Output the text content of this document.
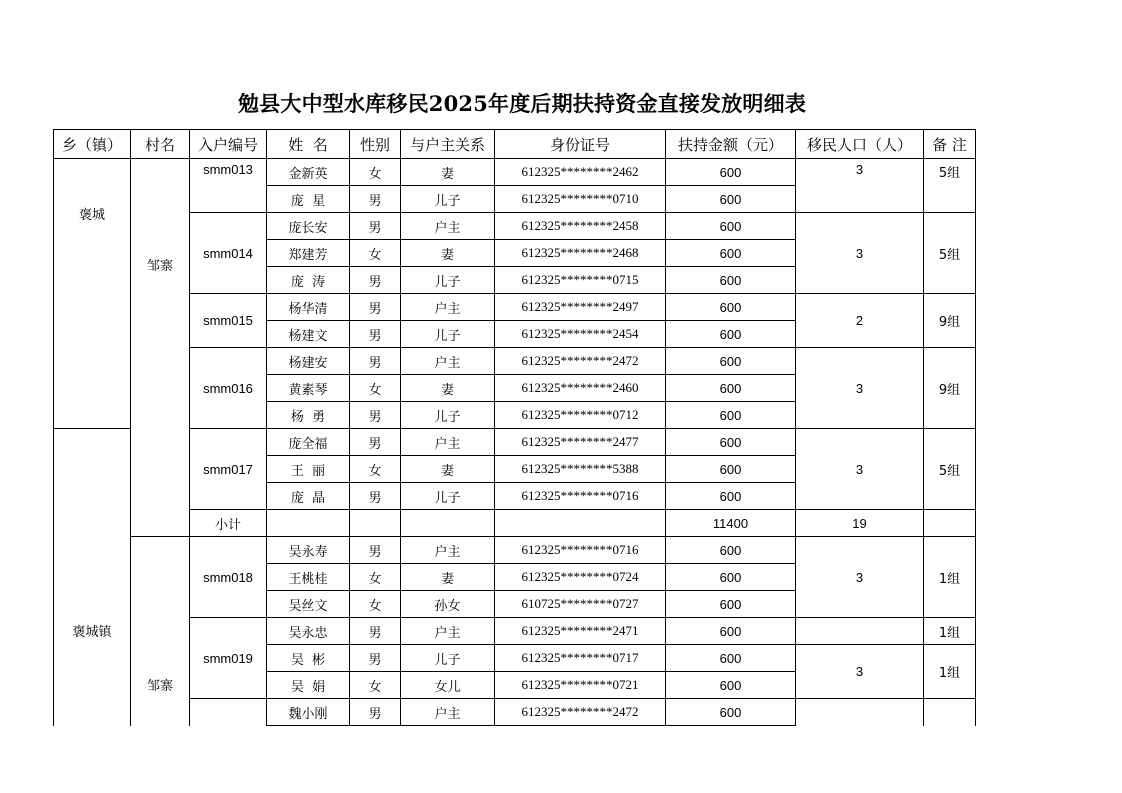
勉县大中型水库移民2025年度后期扶持资金直接发放明细表
乡（镇）	村名	入户编号	姓  名	性别	与户主关系	身份证号	扶持金额（元）	移民人口（人）	备 注
褒城	邹寨	smm013	金新英	女	妻	612325********2462	600	3	5组
			庞  星	男	儿子	612325********0710	600		
		smm014	庞长安	男	户主	612325********2458	600	3	5组
			郑建芳	女	妻	612325********2468	600		
			庞  涛	男	儿子	612325********0715	600		
		smm015	杨华清	男	户主	612325********2497	600	2	9组
			杨建文	男	儿子	612325********2454	600		
		smm016	杨建安	男	户主	612325********2472	600	3	9组
			黄素琴	女	妻	612325********2460	600		
			杨  勇	男	儿子	612325********0712	600		
褒城镇		smm017	庞全福	男	户主	612325********2477	600	3	5组
			王  丽	女	妻	612325********5388	600		
			庞  晶	男	儿子	612325********0716	600		
		小计					11400	19	
	邹寨	smm018	吴永寿	男	户主	612325********0716	600	3	1组
			王桃桂	女	妻	612325********0724	600		
			吴丝文	女	孙女	610725********0727	600		
		smm019	吴永忠	男	户主	612325********2471	600		1组
			吴  彬	男	儿子	612325********0717	600	3	1组
			吴  娟	女	女儿	612325********0721	600		
			魏小刚	男	户主	612325********2472	600		
